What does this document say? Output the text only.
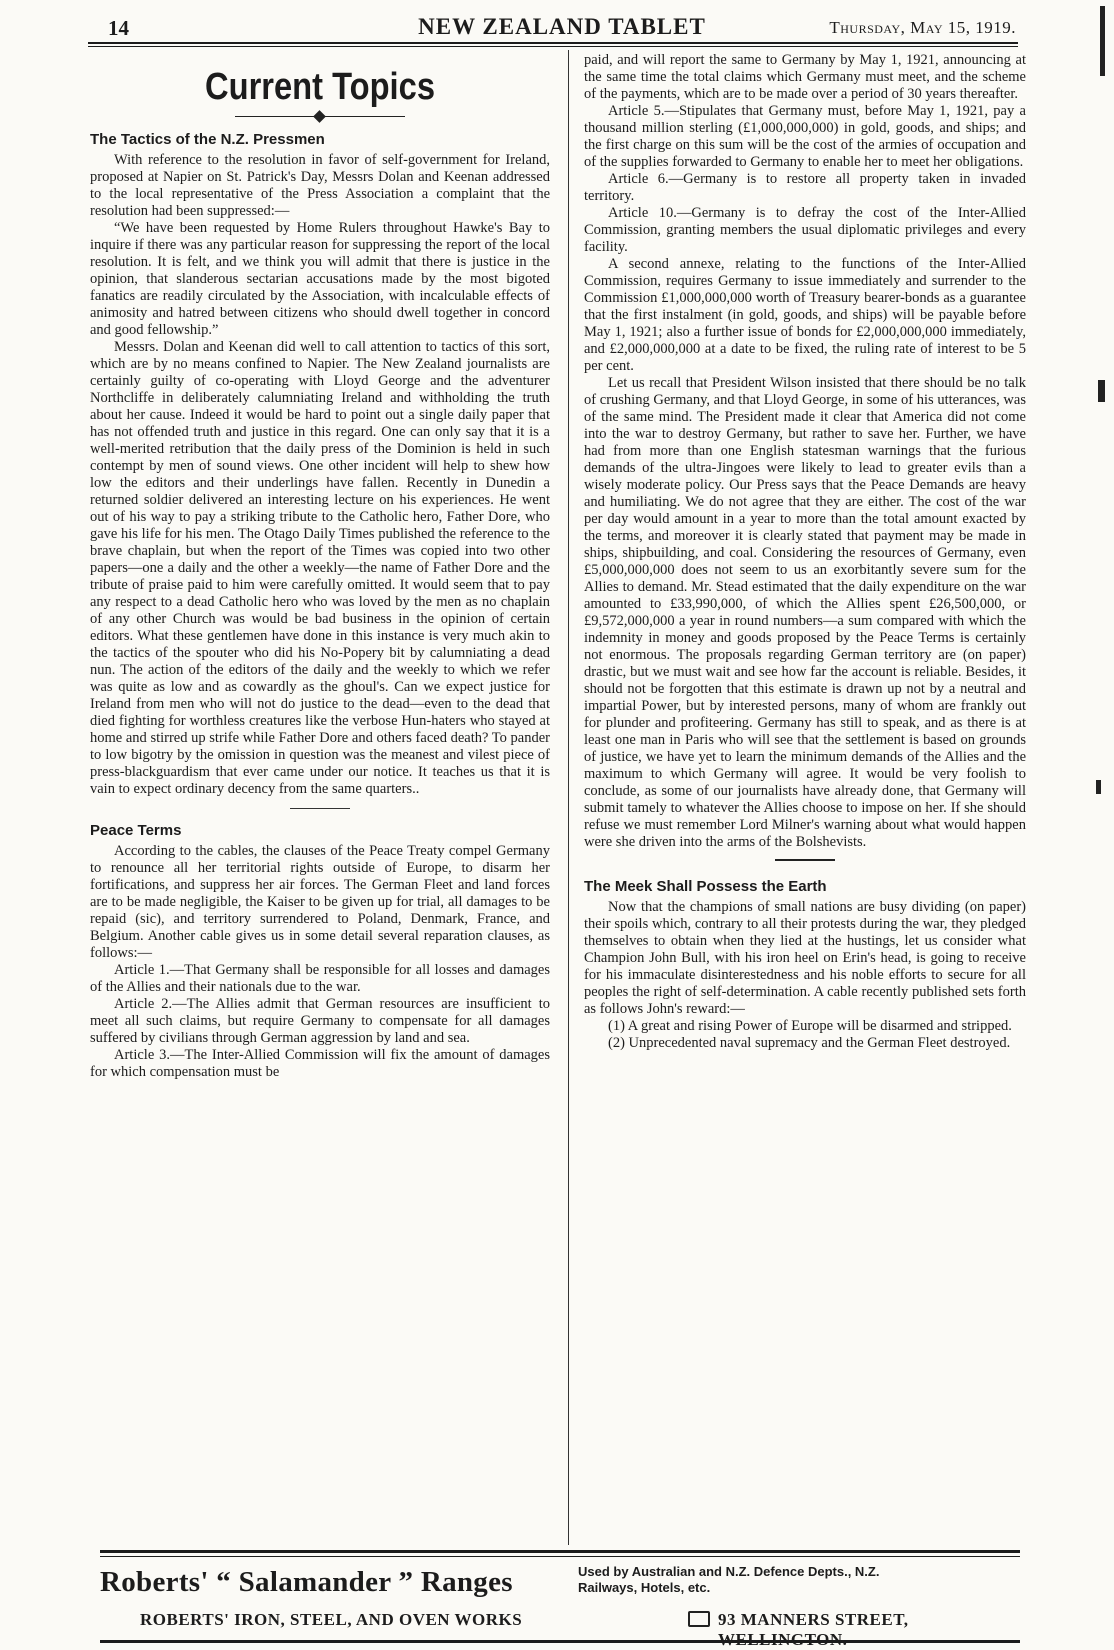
14	NEW ZEALAND TABLET	Thursday, May 15, 1919.
Current Topics
The Tactics of the N.Z. Pressmen

With reference to the resolution in favor of self-government for Ireland, proposed at Napier on St. Patrick's Day, Messrs Dolan and Keenan addressed to the local representative of the Press Association a complaint that the resolution had been suppressed:—

“We have been requested by Home Rulers throughout Hawke's Bay to inquire if there was any particular reason for suppressing the report of the local resolution. It is felt, and we think you will admit that there is justice in the opinion, that slanderous sectarian accusations made by the most bigoted fanatics are readily circulated by the Association, with incalculable effects of animosity and hatred between citizens who should dwell together in concord and good fellowship.”

Messrs. Dolan and Keenan did well to call attention to tactics of this sort, which are by no means confined to Napier. The New Zealand journalists are certainly guilty of co-operating with Lloyd George and the adventurer Northcliffe in deliberately calumniating Ireland and withholding the truth about her cause. Indeed it would be hard to point out a single daily paper that has not offended truth and justice in this regard. One can only say that it is a well-merited retribution that the daily press of the Dominion is held in such contempt by men of sound views. One other incident will help to shew how low the editors and their underlings have fallen. Recently in Dunedin a returned soldier delivered an interesting lecture on his experiences. He went out of his way to pay a striking tribute to the Catholic hero, Father Dore, who gave his life for his men. The Otago Daily Times published the reference to the brave chaplain, but when the report of the Times was copied into two other papers—one a daily and the other a weekly—the name of Father Dore and the tribute of praise paid to him were carefully omitted. It would seem that to pay any respect to a dead Catholic hero who was loved by the men as no chaplain of any other Church was would be bad business in the opinion of certain editors. What these gentlemen have done in this instance is very much akin to the tactics of the spouter who did his No-Popery bit by calumniating a dead nun. The action of the editors of the daily and the weekly to which we refer was quite as low and as cowardly as the ghoul's. Can we expect justice for Ireland from men who will not do justice to the dead—even to the dead that died fighting for worthless creatures like the verbose Hun-haters who stayed at home and stirred up strife while Father Dore and others faced death? To pander to low bigotry by the omission in question was the meanest and vilest piece of press-blackguardism that ever came under our notice. It teaches us that it is vain to expect ordinary decency from the same quarters..

Peace Terms

According to the cables, the clauses of the Peace Treaty compel Germany to renounce all her territorial rights outside of Europe, to disarm her fortifications, and suppress her air forces. The German Fleet and land forces are to be made negligible, the Kaiser to be given up for trial, all damages to be repaid (sic), and territory surrendered to Poland, Denmark, France, and Belgium. Another cable gives us in some detail several reparation clauses, as follows:—

Article 1.—That Germany shall be responsible for all losses and damages of the Allies and their nationals due to the war.

Article 2.—The Allies admit that German resources are insufficient to meet all such claims, but require Germany to compensate for all damages suffered by civilians through German aggression by land and sea.

Article 3.—The Inter-Allied Commission will fix the amount of damages for which compensation must be

paid, and will report the same to Germany by May 1, 1921, announcing at the same time the total claims which Germany must meet, and the scheme of the payments, which are to be made over a period of 30 years thereafter.

Article 5.—Stipulates that Germany must, before May 1, 1921, pay a thousand million sterling (£1,000,000,000) in gold, goods, and ships; and the first charge on this sum will be the cost of the armies of occupation and of the supplies forwarded to Germany to enable her to meet her obligations.

Article 6.—Germany is to restore all property taken in invaded territory.

Article 10.—Germany is to defray the cost of the Inter-Allied Commission, granting members the usual diplomatic privileges and every facility.

A second annexe, relating to the functions of the Inter-Allied Commission, requires Germany to issue immediately and surrender to the Commission £1,000,000,000 worth of Treasury bearer-bonds as a guarantee that the first instalment (in gold, goods, and ships) will be payable before May 1, 1921; also a further issue of bonds for £2,000,000,000 immediately, and £2,000,000,000 at a date to be fixed, the ruling rate of interest to be 5 per cent.

Let us recall that President Wilson insisted that there should be no talk of crushing Germany, and that Lloyd George, in some of his utterances, was of the same mind. The President made it clear that America did not come into the war to destroy Germany, but rather to save her. Further, we have had from more than one English statesman warnings that the furious demands of the ultra-Jingoes were likely to lead to greater evils than a wisely moderate policy. Our Press says that the Peace Demands are heavy and humiliating. We do not agree that they are either. The cost of the war per day would amount in a year to more than the total amount exacted by the terms, and moreover it is clearly stated that payment may be made in ships, shipbuilding, and coal. Considering the resources of Germany, even £5,000,000,000 does not seem to us an exorbitantly severe sum for the Allies to demand. Mr. Stead estimated that the daily expenditure on the war amounted to £33,990,000, of which the Allies spent £26,500,000, or £9,572,000,000 a year in round numbers—a sum compared with which the indemnity in money and goods proposed by the Peace Terms is certainly not enormous. The proposals regarding German territory are (on paper) drastic, but we must wait and see how far the account is reliable. Besides, it should not be forgotten that this estimate is drawn up not by a neutral and impartial Power, but by interested persons, many of whom are frankly out for plunder and profiteering. Germany has still to speak, and as there is at least one man in Paris who will see that the settlement is based on grounds of justice, we have yet to learn the minimum demands of the Allies and the maximum to which Germany will agree. It would be very foolish to conclude, as some of our journalists have already done, that Germany will submit tamely to whatever the Allies choose to impose on her. If she should refuse we must remember Lord Milner's warning about what would happen were she driven into the arms of the Bolshevists.

The Meek Shall Possess the Earth

Now that the champions of small nations are busy dividing (on paper) their spoils which, contrary to all their protests during the war, they pledged themselves to obtain when they lied at the hustings, let us consider what Champion John Bull, with his iron heel on Erin's head, is going to receive for his immaculate disinterestedness and his noble efforts to secure for all peoples the right of self-determination. A cable recently published sets forth as follows John's reward:—

(1) A great and rising Power of Europe will be disarmed and stripped.

(2) Unprecedented naval supremacy and the German Fleet destroyed.

Roberts' “ Salamander ” Ranges	Used by Australian and N.Z. Defence Depts., N.Z.
Railways, Hotels, etc.
ROBERTS' IRON, STEEL, AND OVEN WORKS	93 MANNERS STREET, WELLINGTON.
